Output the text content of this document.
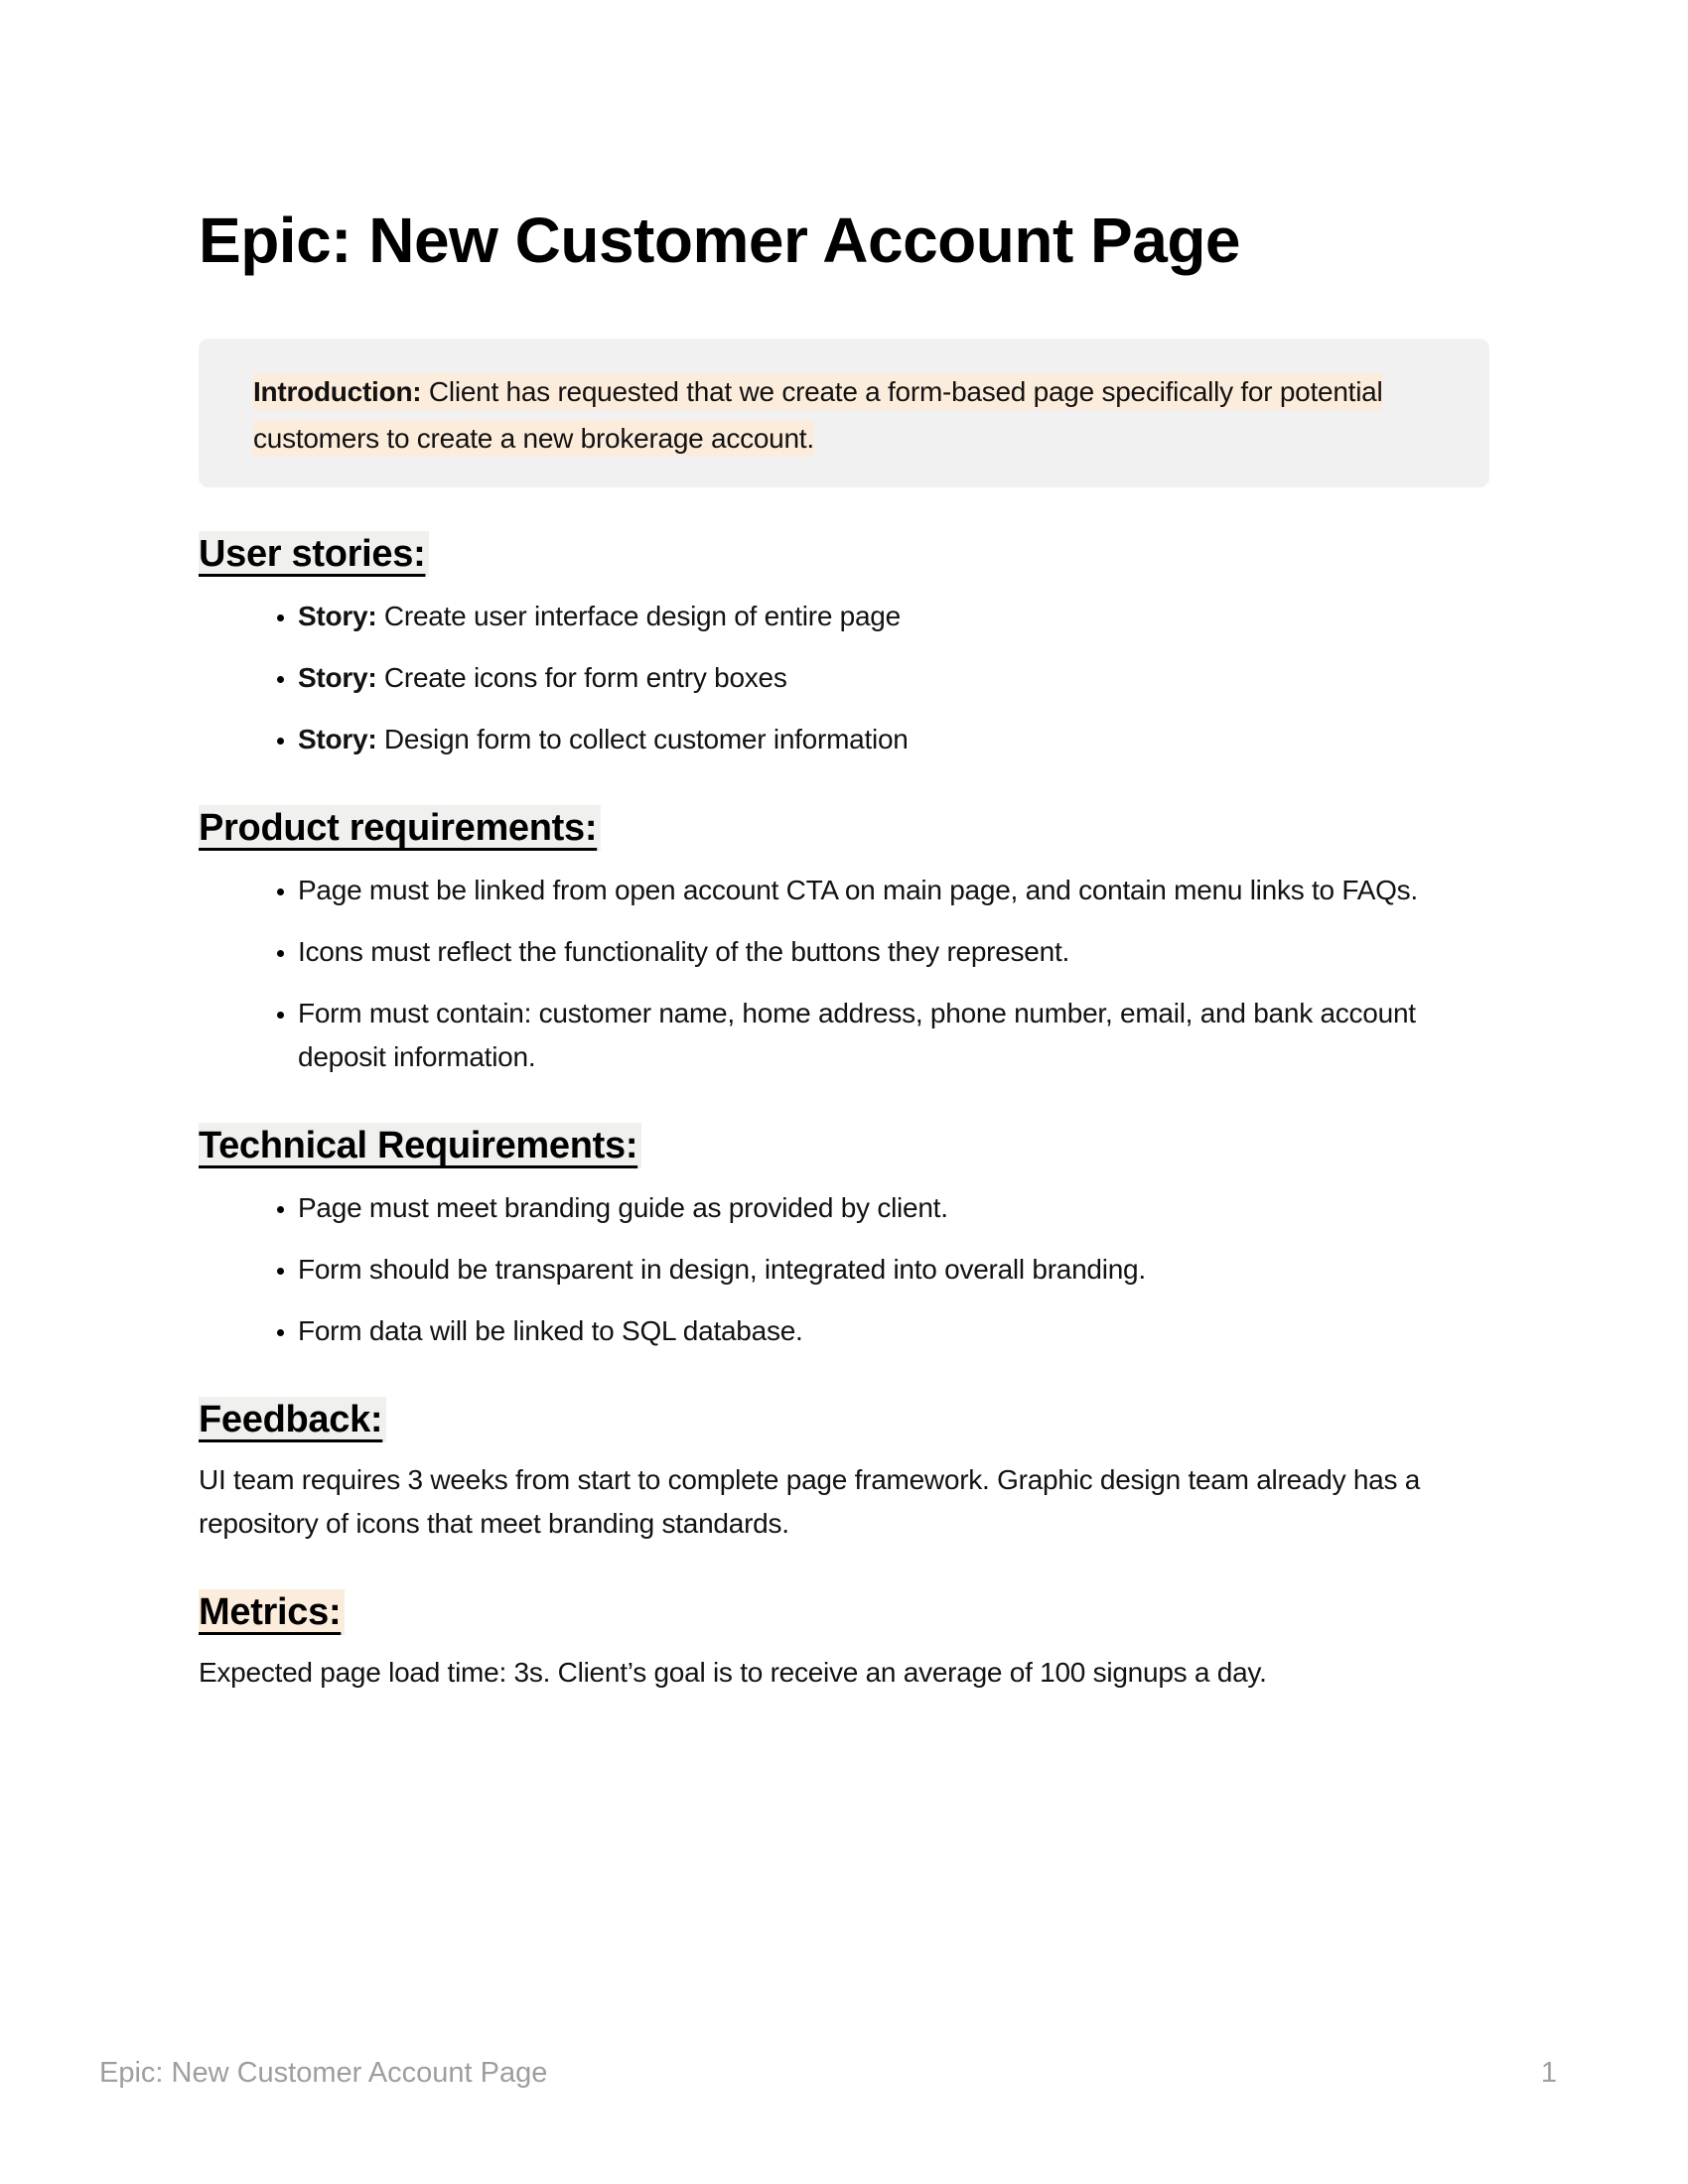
Epic: New Customer Account Page

Introduction: Client has requested that we create a form-based page specifically for potential customers to create a new brokerage account.

User stories:
• Story: Create user interface design of entire page
• Story: Create icons for form entry boxes
• Story: Design form to collect customer information
Product requirements:
• Page must be linked from open account CTA on main page, and contain menu links to FAQs.
• Icons must reflect the functionality of the buttons they represent.
• Form must contain: customer name, home address, phone number, email, and bank account deposit information.
Technical Requirements:
• Page must meet branding guide as provided by client.
• Form should be transparent in design, integrated into overall branding.
• Form data will be linked to SQL database.
Feedback:

UI team requires 3 weeks from start to complete page framework. Graphic design team already has a repository of icons that meet branding standards.

Metrics:

Expected page load time: 3s. Client’s goal is to receive an average of 100 signups a day.

Epic: New Customer Account Page	1
